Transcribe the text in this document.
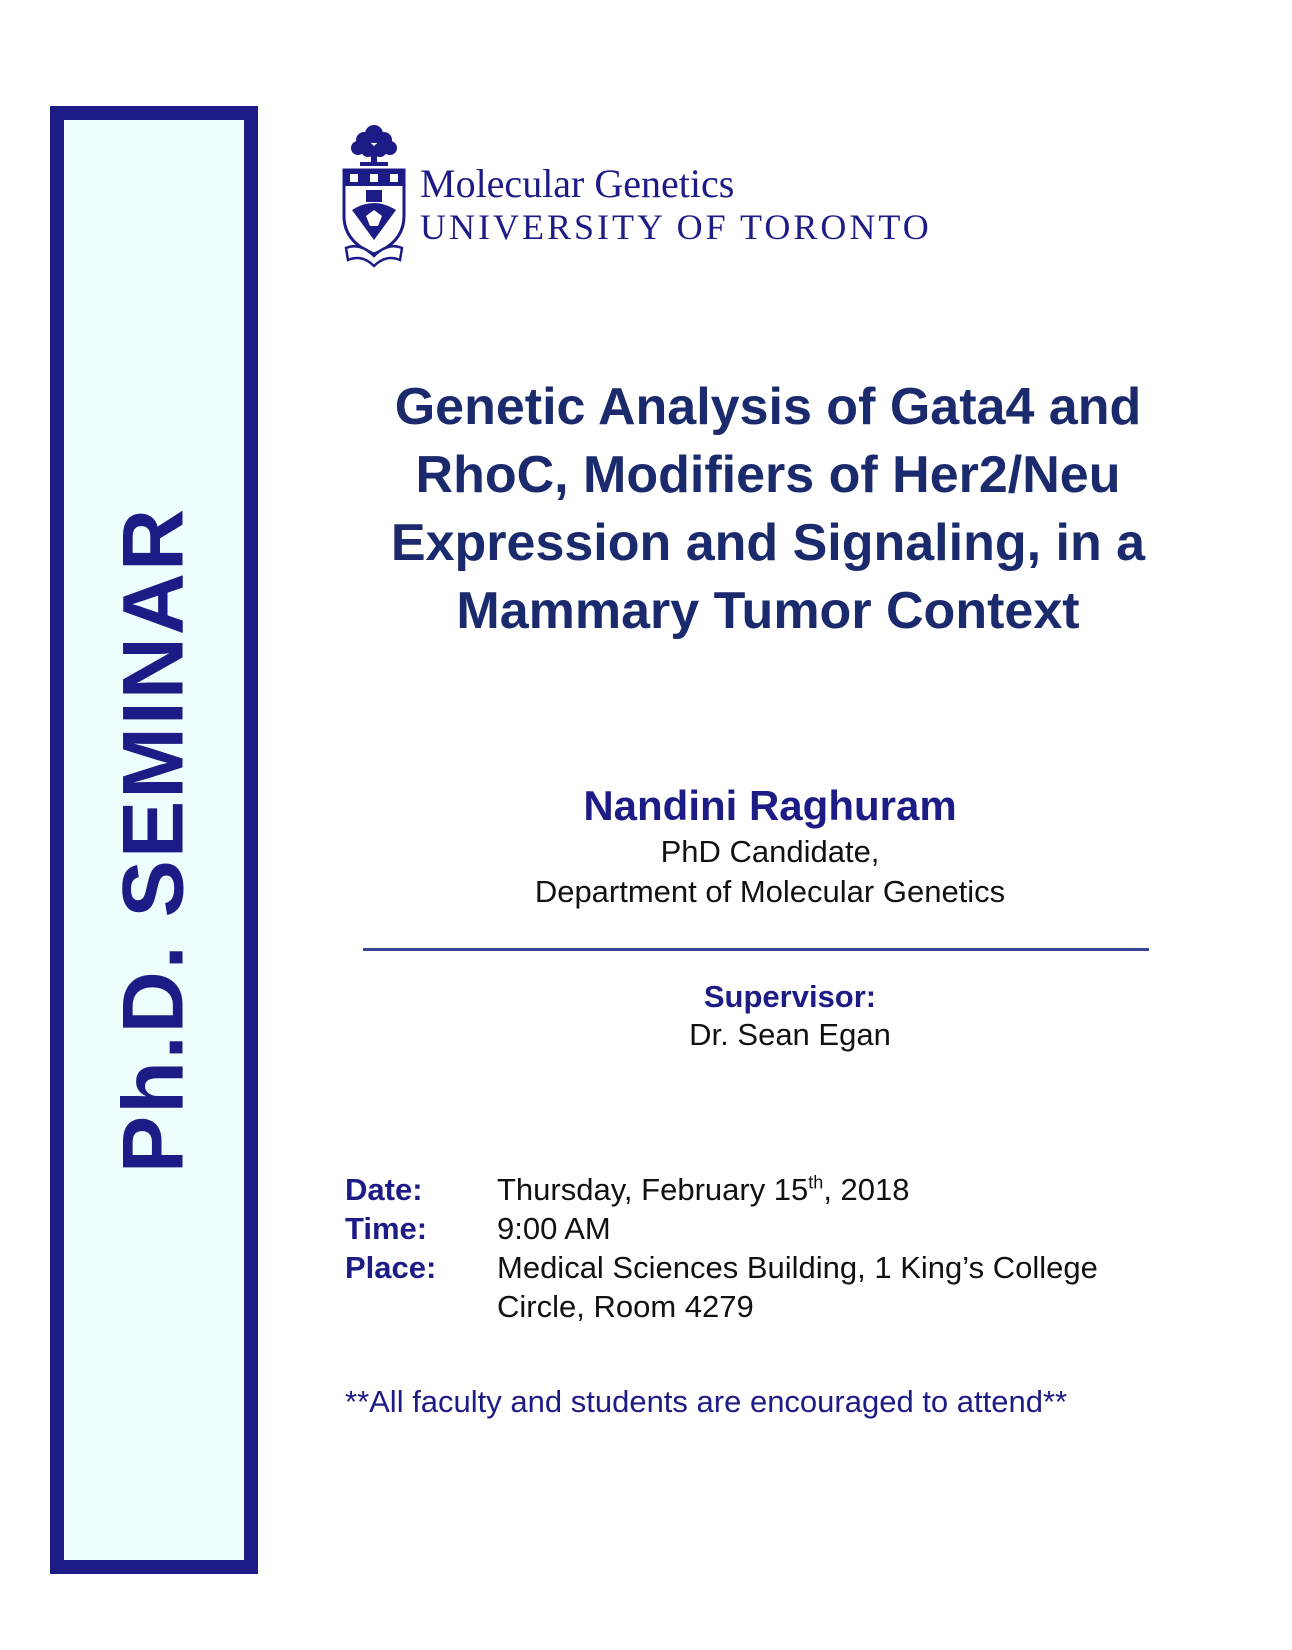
Ph.D. SEMINAR
Molecular Genetics
UNIVERSITY OF TORONTO
Genetic Analysis of Gata4 and RhoC, Modifiers of Her2/Neu Expression and Signaling, in a Mammary Tumor Context
Nandini Raghuram
PhD Candidate,
Department of Molecular Genetics
Supervisor:
Dr. Sean Egan
Date:	Thursday, February 15th, 2018
Time:	9:00 AM
Place:	Medical Sciences Building, 1 King’s College Circle, Room 4279
**All faculty and students are encouraged to attend**
